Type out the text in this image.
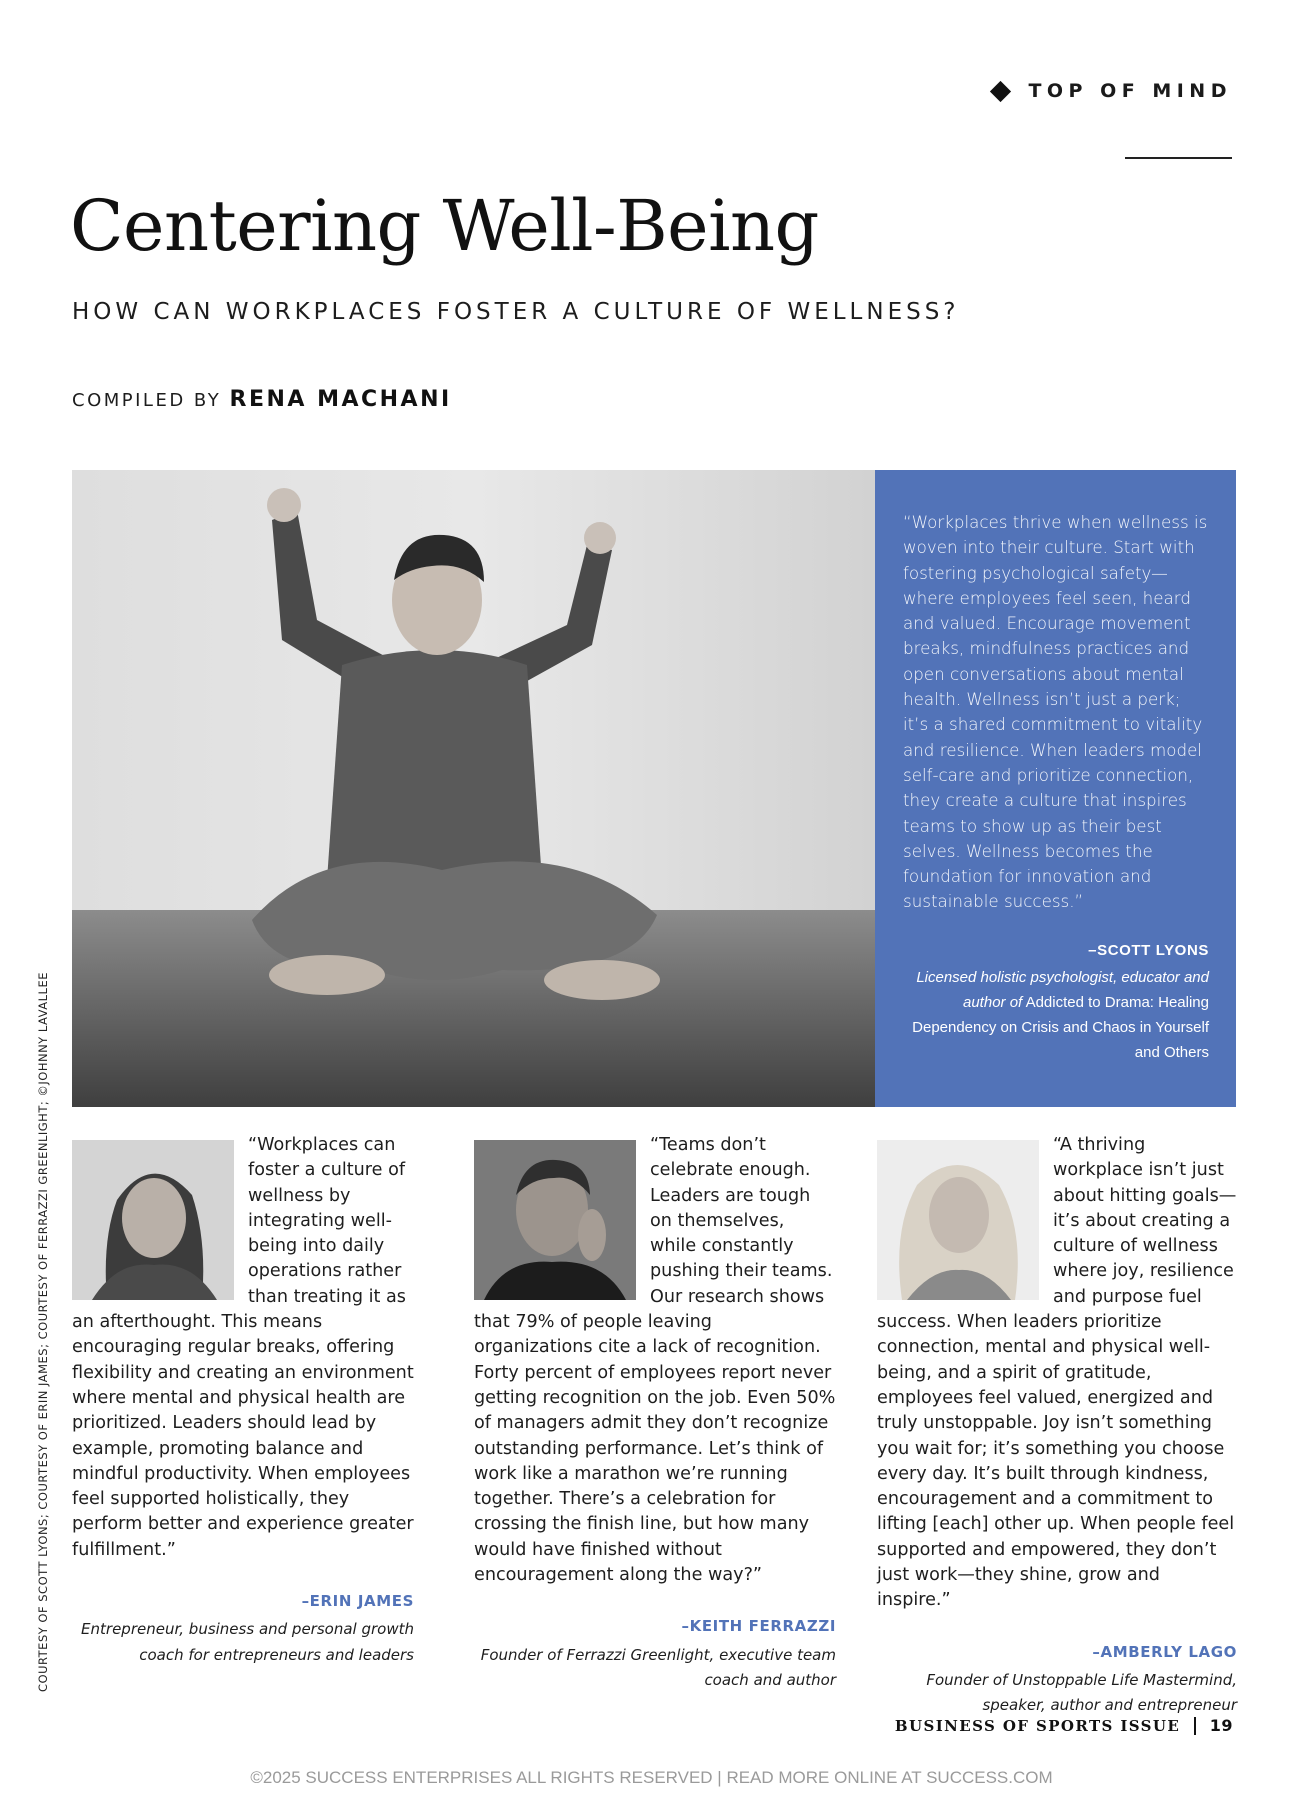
TOP OF MIND
Centering Well-Being
HOW CAN WORKPLACES FOSTER A CULTURE OF WELLNESS?
COMPILED BY RENA MACHANI
COURTESY OF SCOTT LYONS; COURTESY OF ERIN JAMES; COURTESY OF FERRAZZI GREENLIGHT; ©JOHNNY LAVALLEE

“Workplaces thrive when wellness is woven into their culture. Start with fostering psychological safety—where employees feel seen, heard and valued. Encourage movement breaks, mindfulness practices and open conversations about mental health. Wellness isn’t just a perk; it’s a shared commitment to vitality and resilience. When leaders model self-care and prioritize connection, they create a culture that inspires teams to show up as their best selves. Wellness becomes the foundation for innovation and sustainable success.”

–SCOTT LYONS
Licensed holistic psychologist, educator and author of Addicted to Drama: Healing Dependency on Crisis and Chaos in Yourself and Others

“Workplaces can foster a culture of wellness by integrating well-being into daily operations rather than treating it as an afterthought. This means encouraging regular breaks, offering flexibility and creating an environment where mental and physical health are prioritized. Leaders should lead by example, promoting balance and mindful productivity. When employees feel supported holistically, they perform better and experience greater fulfillment.”

–ERIN JAMES
Entrepreneur, business and personal growth coach for entrepreneurs and leaders

“Teams don’t celebrate enough. Leaders are tough on themselves, while constantly pushing their teams. Our research shows that 79% of people leaving organizations cite a lack of recognition. Forty percent of employees report never getting recognition on the job. Even 50% of managers admit they don’t recognize outstanding performance. Let’s think of work like a marathon we’re running together. There’s a celebration for crossing the finish line, but how many would have finished without encouragement along the way?”

–KEITH FERRAZZI
Founder of Ferrazzi Greenlight, executive team coach and author

“A thriving workplace isn’t just about hitting goals—it’s about creating a culture of wellness where joy, resilience and purpose fuel success. When leaders prioritize connection, mental and physical well-being, and a spirit of gratitude, employees feel valued, energized and truly unstoppable. Joy isn’t something you wait for; it’s something you choose every day. It’s built through kindness, encouragement and a commitment to lifting [each] other up. When people feel supported and empowered, they don’t just work—they shine, grow and inspire.”

–AMBERLY LAGO
Founder of Unstoppable Life Mastermind, speaker, author and entrepreneur
BUSINESS OF SPORTS ISSUE 19
©2025 SUCCESS ENTERPRISES ALL RIGHTS RESERVED | READ MORE ONLINE AT SUCCESS.COM
